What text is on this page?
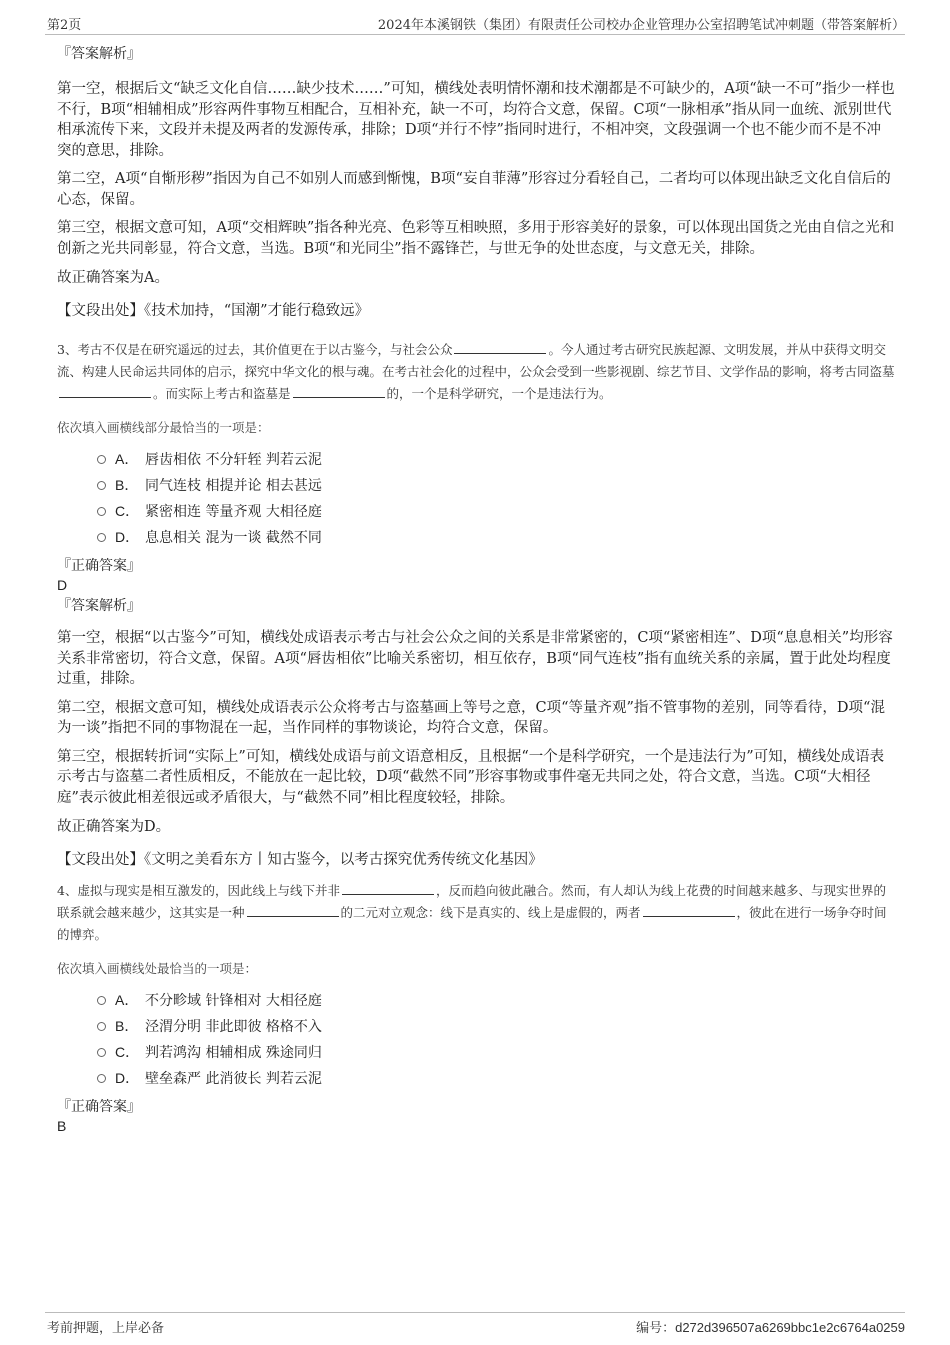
第2页	2024年本溪钢铁（集团）有限责任公司校办企业管理办公室招聘笔试冲刺题（带答案解析）

『答案解析』

第一空，根据后文“缺乏文化自信……缺少技术……”可知，横线处表明情怀潮和技术潮都是不可缺少的，A项“缺一不可”指少一样也不行，B项“相辅相成”形容两件事物互相配合，互相补充，缺一不可，均符合文意，保留。C项“一脉相承”指从同一血统、派别世代相承流传下来，文段并未提及两者的发源传承，排除；D项“并行不悖”指同时进行，不相冲突，文段强调一个也不能少而不是不冲突的意思，排除。

第二空，A项“自惭形秽”指因为自己不如别人而感到惭愧，B项“妄自菲薄”形容过分看轻自己，二者均可以体现出缺乏文化自信后的心态，保留。

第三空，根据文意可知，A项“交相辉映”指各种光亮、色彩等互相映照，多用于形容美好的景象，可以体现出国货之光由自信之光和创新之光共同彰显，符合文意，当选。B项“和光同尘”指不露锋芒，与世无争的处世态度，与文意无关，排除。

故正确答案为A。

【文段出处】《技术加持，“国潮”才能行稳致远》

3、考古不仅是在研究遥远的过去，其价值更在于以古鉴今，与社会公众	。今人通过考古研究民族起源、文明发展，并从中获得文明交流、构建人民命运共同体的启示，探究中华文化的根与魂。在考古社会化的过程中，公众会受到一些影视剧、综艺节目、文学作品的影响，将考古同盗墓。而实际上考古和盗墓是	的，一个是科学研究，一个是违法行为。

依次填入画横线部分最恰当的一项是：

A． 唇齿相依 不分轩轾 判若云泥
B． 同气连枝 相提并论 相去甚远
C． 紧密相连 等量齐观 大相径庭
D． 息息相关 混为一谈 截然不同

『正确答案』

D

『答案解析』

第一空，根据“以古鉴今”可知，横线处成语表示考古与社会公众之间的关系是非常紧密的，C项“紧密相连”、D项“息息相关”均形容关系非常密切，符合文意，保留。A项“唇齿相依”比喻关系密切，相互依存，B项“同气连枝”指有血统关系的亲属，置于此处均程度过重，排除。

第二空，根据文意可知，横线处成语表示公众将考古与盗墓画上等号之意，C项“等量齐观”指不管事物的差别，同等看待，D项“混为一谈”指把不同的事物混在一起，当作同样的事物谈论，均符合文意，保留。

第三空，根据转折词“实际上”可知，横线处成语与前文语意相反，且根据“一个是科学研究，一个是违法行为”可知，横线处成语表示考古与盗墓二者性质相反，不能放在一起比较，D项“截然不同”形容事物或事件毫无共同之处，符合文意，当选。C项“大相径庭”表示彼此相差很远或矛盾很大，与“截然不同”相比程度较轻，排除。

故正确答案为D。

【文段出处】《文明之美看东方丨知古鉴今，以考古探究优秀传统文化基因》

4、虚拟与现实是相互激发的，因此线上与线下并非	，反而趋向彼此融合。然而，有人却认为线上花费的时间越来越多、与现实世界的联系就会越来越少，这其实是一种	的二元对立观念：线下是真实的、线上是虚假的，两者	，彼此在进行一场争夺时间的博弈。

依次填入画横线处最恰当的一项是：

A． 不分畛域 针锋相对 大相径庭
B． 泾渭分明 非此即彼 格格不入
C． 判若鸿沟 相辅相成 殊途同归
D． 壁垒森严 此消彼长 判若云泥

『正确答案』

B
考前押题，上岸必备	编号：d272d396507a6269bbc1e2c6764a0259
